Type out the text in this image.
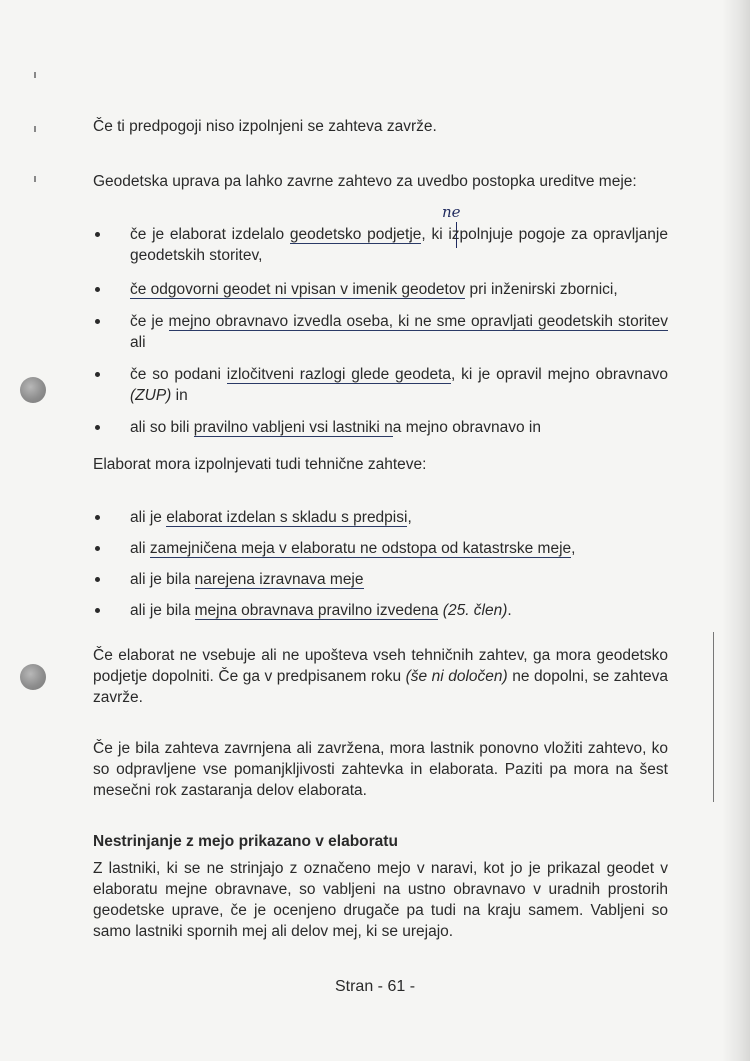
Če ti predpogoji niso izpolnjeni se zahteva zavrže.

Geodetska uprava pa lahko zavrne zahtevo za uvedbo postopka ureditve meje:

ne
če je elaborat izdelalo geodetsko podjetje, ki izpolnjuje pogoje za opravljanje geodetskih storitev,
če odgovorni geodet ni vpisan v imenik geodetov pri inženirski zbornici,
če je mejno obravnavo izvedla oseba, ki ne sme opravljati geodetskih storitev ali
če so podani izločitveni razlogi glede geodeta, ki je opravil mejno obravnavo (ZUP) in
ali so bili pravilno vabljeni vsi lastniki na mejno obravnavo in

Elaborat mora izpolnjevati tudi tehnične zahteve:

ali je elaborat izdelan s skladu s predpisi,
ali zamejničena meja v elaboratu ne odstopa od katastrske meje,
ali je bila narejena izravnava meje
ali je bila mejna obravnava pravilno izvedena (25. člen).

Če elaborat ne vsebuje ali ne upošteva vseh tehničnih zahtev, ga mora geodetsko podjetje dopolniti. Če ga v predpisanem roku (še ni določen) ne dopolni, se zahteva zavrže.

Če je bila zahteva zavrnjena ali zavržena, mora lastnik ponovno vložiti zahtevo, ko so odpravljene vse pomanjkljivosti zahtevka in elaborata. Paziti pa mora na šest mesečni rok zastaranja delov elaborata.

Nestrinjanje z mejo prikazano v elaboratu

Z lastniki, ki se ne strinjajo z označeno mejo v naravi, kot jo je prikazal geodet v elaboratu mejne obravnave, so vabljeni na ustno obravnavo v uradnih prostorih geodetske uprave, če je ocenjeno drugače pa tudi na kraju samem. Vabljeni so samo lastniki spornih mej ali delov mej, ki se urejajo.

Stran - 61 -
